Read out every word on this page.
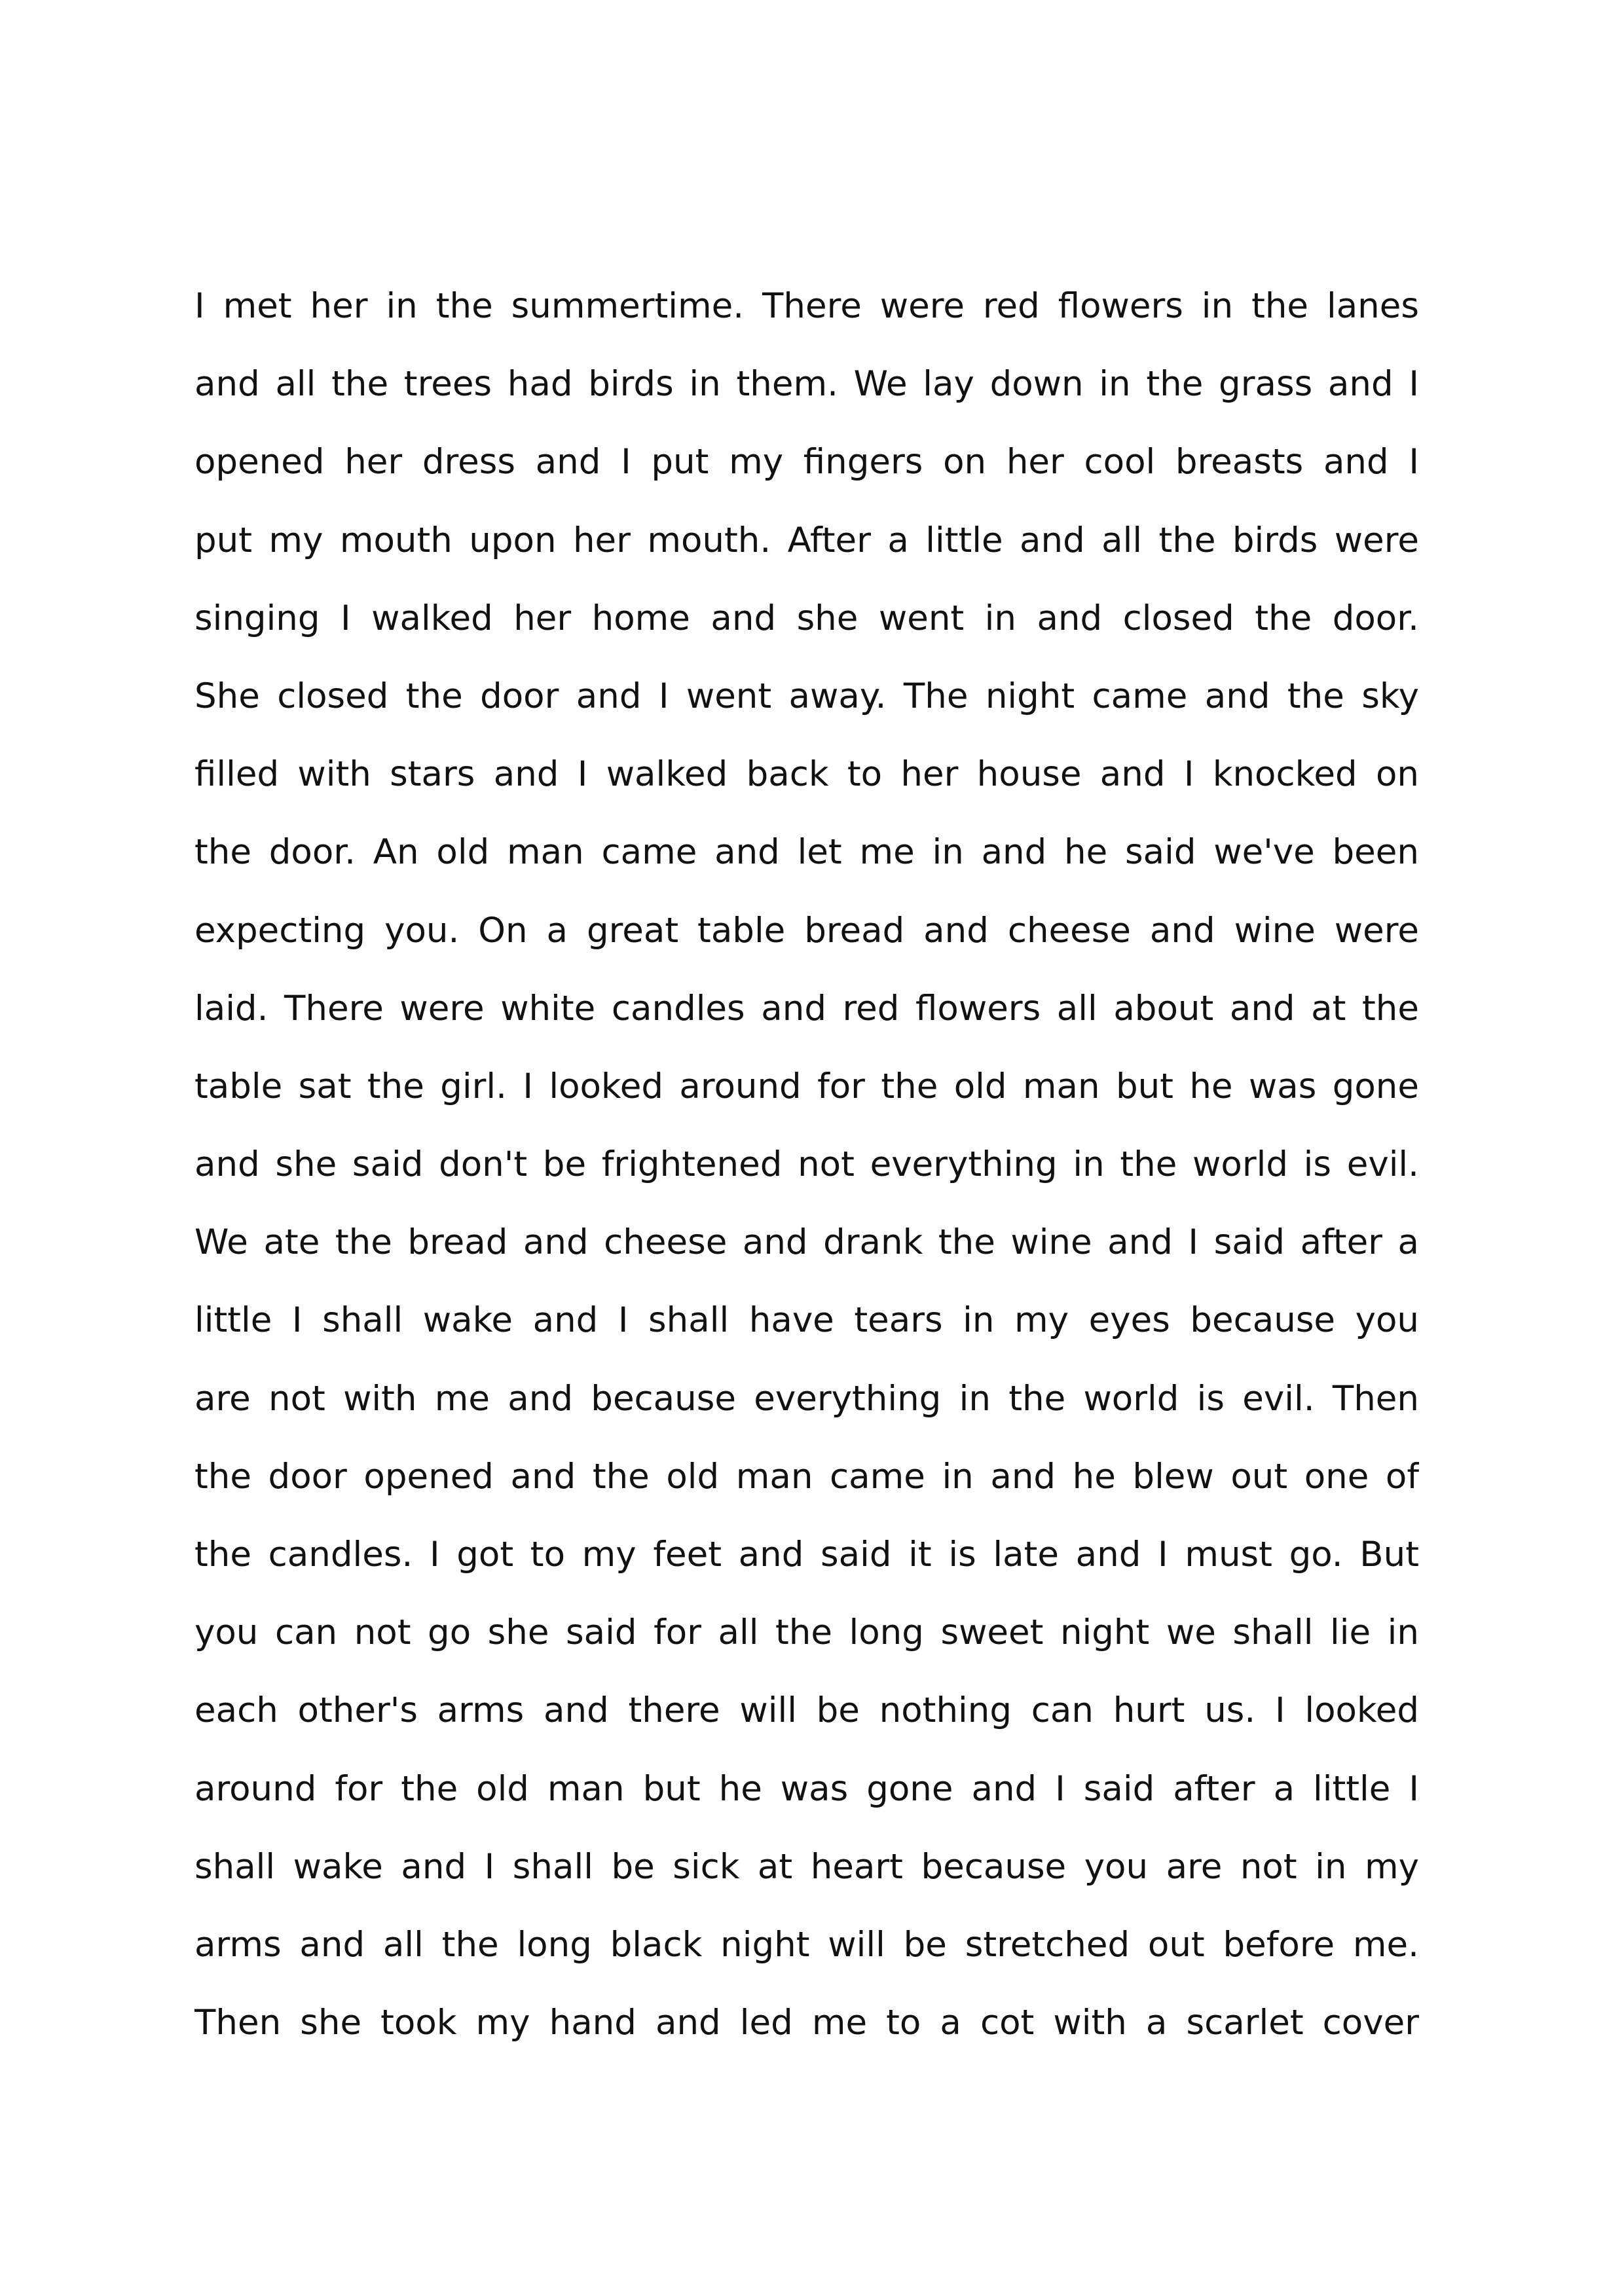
I met her in the summertime. There were red flowers in the lanes
and all the trees had birds in them. We lay down in the grass and I
opened her dress and I put my fingers on her cool breasts and I
put my mouth upon her mouth. After a little and all the birds were
singing I walked her home and she went in and closed the door.
She closed the door and I went away. The night came and the sky
filled with stars and I walked back to her house and I knocked on
the door. An old man came and let me in and he said we've been
expecting you. On a great table bread and cheese and wine were
laid. There were white candles and red flowers all about and at the
table sat the girl. I looked around for the old man but he was gone
and she said don't be frightened not everything in the world is evil.
We ate the bread and cheese and drank the wine and I said after a
little I shall wake and I shall have tears in my eyes because you
are not with me and because everything in the world is evil. Then
the door opened and the old man came in and he blew out one of
the candles. I got to my feet and said it is late and I must go. But
you can not go she said for all the long sweet night we shall lie in
each other's arms and there will be nothing can hurt us. I looked
around for the old man but he was gone and I said after a little I
shall wake and I shall be sick at heart because you are not in my
arms and all the long black night will be stretched out before me.
Then she took my hand and led me to a cot with a scarlet cover
